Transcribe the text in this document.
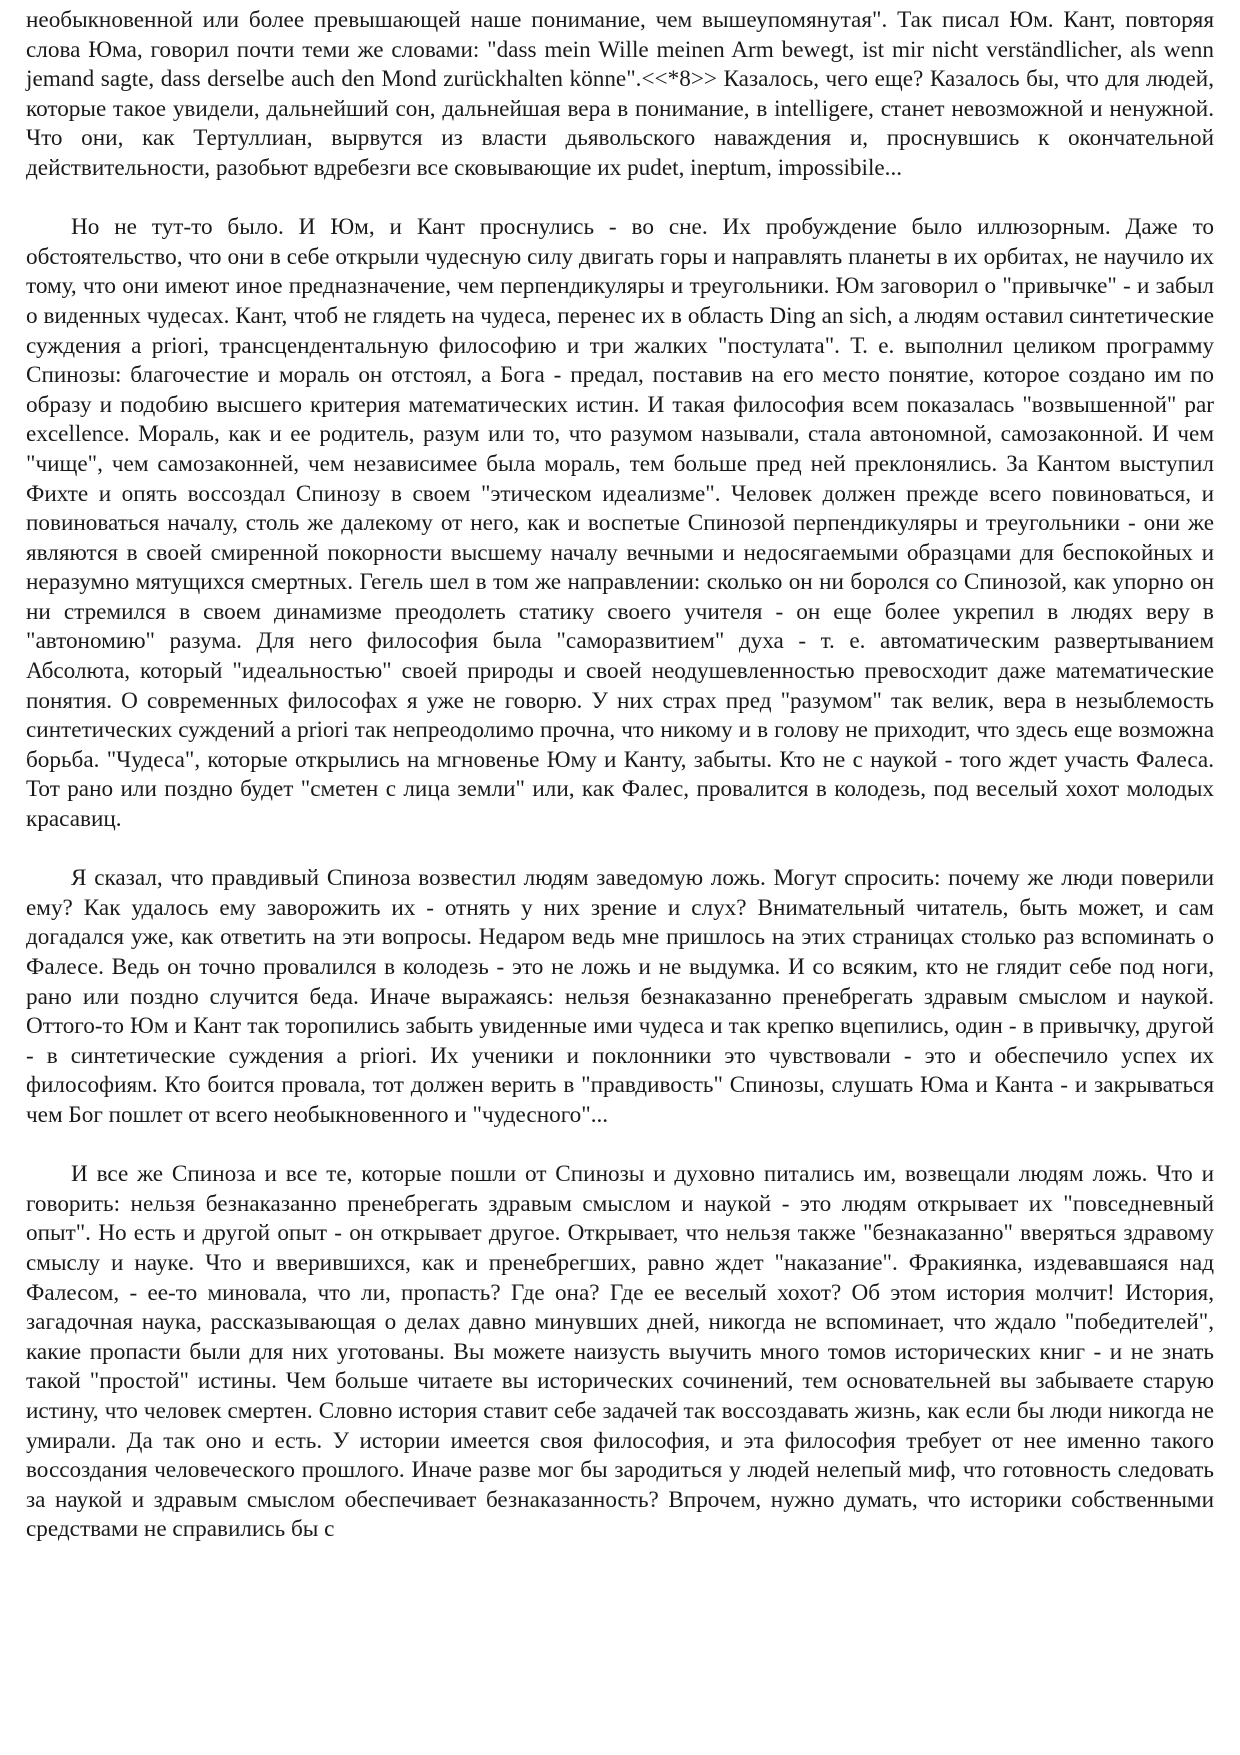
необыкновенной или более превышающей наше понимание, чем вышеупомянутая". Так писал Юм. Кант, повторяя слова Юма, говорил почти теми же словами: "dass mein Wille meinen Arm bewegt, ist mir nicht verständlicher, als wenn jemand sagte, dass derselbe auch den Mond zurückhalten könne".<<*8>> Казалось, чего еще? Казалось бы, что для людей, которые такое увидели, дальнейший сон, дальнейшая вера в понимание, в intelligere, станет невозможной и ненужной. Что они, как Тертуллиан, вырвутся из власти дьявольского наваждения и, проснувшись к окончательной действительности, разобьют вдребезги все сковывающие их pudet, ineptum, impossibile...

Но не тут-то было. И Юм, и Кант проснулись - во сне. Их пробуждение было иллюзорным. Даже то обстоятельство, что они в себе открыли чудесную силу двигать горы и направлять планеты в их орбитах, не научило их тому, что они имеют иное предназначение, чем перпендикуляры и треугольники. Юм заговорил о "привычке" - и забыл о виденных чудесах. Кант, чтоб не глядеть на чудеса, перенес их в область Ding an sich, а людям оставил синтетические суждения a priori, трансцендентальную философию и три жалких "постулата". Т. е. выполнил целиком программу Спинозы: благочестие и мораль он отстоял, а Бога - предал, поставив на его место понятие, которое создано им по образу и подобию высшего критерия математических истин. И такая философия всем показалась "возвышенной" par excellence. Мораль, как и ее родитель, разум или то, что разумом называли, стала автономной, самозаконной. И чем "чище", чем самозаконней, чем независимее была мораль, тем больше пред ней преклонялись. За Кантом выступил Фихте и опять воссоздал Спинозу в своем "этическом идеализме". Человек должен прежде всего повиноваться, и повиноваться началу, столь же далекому от него, как и воспетые Спинозой перпендикуляры и треугольники - они же являются в своей смиренной покорности высшему началу вечными и недосягаемыми образцами для беспокойных и неразумно мятущихся смертных. Гегель шел в том же направлении: сколько он ни боролся со Спинозой, как упорно он ни стремился в своем динамизме преодолеть статику своего учителя - он еще более укрепил в людях веру в "автономию" разума. Для него философия была "саморазвитием" духа - т. е. автоматическим развертыванием Абсолюта, который "идеальностью" своей природы и своей неодушевленностью превосходит даже математические понятия. О современных философах я уже не говорю. У них страх пред "разумом" так велик, вера в незыблемость синтетических суждений a priori так непреодолимо прочна, что никому и в голову не приходит, что здесь еще возможна борьба. "Чудеса", которые открылись на мгновенье Юму и Канту, забыты. Кто не с наукой - того ждет участь Фалеса. Тот рано или поздно будет "сметен с лица земли" или, как Фалес, провалится в колодезь, под веселый хохот молодых красавиц.

Я сказал, что правдивый Спиноза возвестил людям заведомую ложь. Могут спросить: почему же люди поверили ему? Как удалось ему заворожить их - отнять у них зрение и слух? Внимательный читатель, быть может, и сам догадался уже, как ответить на эти вопросы. Недаром ведь мне пришлось на этих страницах столько раз вспоминать о Фалесе. Ведь он точно провалился в колодезь - это не ложь и не выдумка. И со всяким, кто не глядит себе под ноги, рано или поздно случится беда. Иначе выражаясь: нельзя безнаказанно пренебрегать здравым смыслом и наукой. Оттого-то Юм и Кант так торопились забыть увиденные ими чудеса и так крепко вцепились, один - в привычку, другой - в синтетические суждения a priori. Их ученики и поклонники это чувствовали - это и обеспечило успех их философиям. Кто боится провала, тот должен верить в "правдивость" Спинозы, слушать Юма и Канта - и закрываться чем Бог пошлет от всего необыкновенного и "чудесного"...

И все же Спиноза и все те, которые пошли от Спинозы и духовно питались им, возвещали людям ложь. Что и говорить: нельзя безнаказанно пренебрегать здравым смыслом и наукой - это людям открывает их "повседневный опыт". Но есть и другой опыт - он открывает другое. Открывает, что нельзя также "безнаказанно" вверяться здравому смыслу и науке. Что и вверившихся, как и пренебрегших, равно ждет "наказание". Фракиянка, издевавшаяся над Фалесом, - ее-то миновала, что ли, пропасть? Где она? Где ее веселый хохот? Об этом история молчит! История, загадочная наука, рассказывающая о делах давно минувших дней, никогда не вспоминает, что ждало "победителей", какие пропасти были для них уготованы. Вы можете наизусть выучить много томов исторических книг - и не знать такой "простой" истины. Чем больше читаете вы исторических сочинений, тем основательней вы забываете старую истину, что человек смертен. Словно история ставит себе задачей так воссоздавать жизнь, как если бы люди никогда не умирали. Да так оно и есть. У истории имеется своя философия, и эта философия требует от нее именно такого воссоздания человеческого прошлого. Иначе разве мог бы зародиться у людей нелепый миф, что готовность следовать за наукой и здравым смыслом обеспечивает безнаказанность? Впрочем, нужно думать, что историки собственными средствами не справились бы с
